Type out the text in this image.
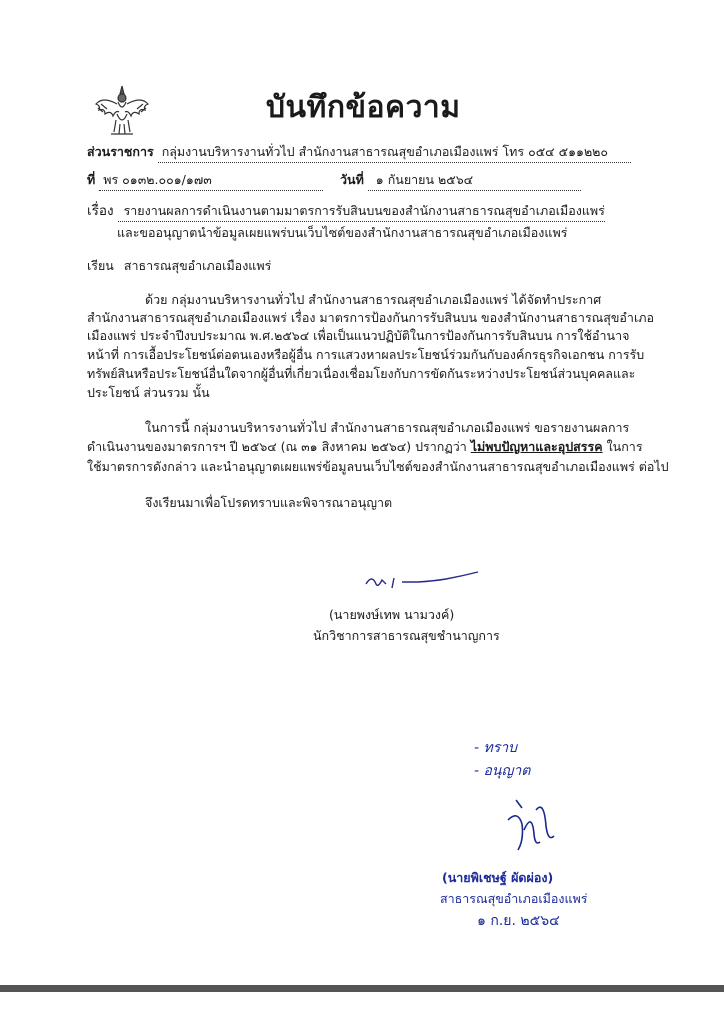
บันทึกข้อความ
ส่วนราชการ กลุ่มงานบริหารงานทั่วไป สำนักงานสาธารณสุขอำเภอเมืองแพร่ โทร ๐๕๔ ๕๑๑๒๒๐
ที่ พร ๐๑๓๒.๐๐๑/๑๗๓	วันที่ ๑ กันยายน ๒๕๖๔
เรื่อง รายงานผลการดำเนินงานตามมาตรการรับสินบนของสำนักงานสาธารณสุขอำเภอเมืองแพร่
และขออนุญาตนำข้อมูลเผยแพร่บนเว็บไซต์ของสำนักงานสาธารณสุขอำเภอเมืองแพร่
เรียน สาธารณสุขอำเภอเมืองแพร่
ด้วย กลุ่มงานบริหารงานทั่วไป สำนักงานสาธารณสุขอำเภอเมืองแพร่ ได้จัดทำประกาศ
สำนักงานสาธารณสุขอำเภอเมืองแพร่ เรื่อง มาตรการป้องกันการรับสินบน ของสำนักงานสาธารณสุขอำเภอ
เมืองแพร่ ประจำปีงบประมาณ พ.ศ.๒๕๖๔ เพื่อเป็นแนวปฏิบัติในการป้องกันการรับสินบน การใช้อำนาจ
หน้าที่ การเอื้อประโยชน์ต่อตนเองหรือผู้อื่น การแสวงหาผลประโยชน์ร่วมกันกับองค์กรธุรกิจเอกชน การรับ
ทรัพย์สินหรือประโยชน์อื่นใดจากผู้อื่นที่เกี่ยวเนื่องเชื่อมโยงกับการขัดกันระหว่างประโยชน์ส่วนบุคคลและ
ประโยชน์ ส่วนรวม นั้น
ในการนี้ กลุ่มงานบริหารงานทั่วไป สำนักงานสาธารณสุขอำเภอเมืองแพร่ ขอรายงานผลการ
ดำเนินงานของมาตรการฯ ปี ๒๕๖๔ (ณ ๓๑ สิงหาคม ๒๕๖๔) ปรากฏว่า ไม่พบปัญหาและอุปสรรค ในการ
ใช้มาตรการดังกล่าว และนำอนุญาตเผยแพร่ข้อมูลบนเว็บไซต์ของสำนักงานสาธารณสุขอำเภอเมืองแพร่ ต่อไป
จึงเรียนมาเพื่อโปรดทราบและพิจารณาอนุญาต
(นายพงษ์เทพ นามวงค์)
นักวิชาการสาธารณสุขชำนาญการ
- ทราบ
- อนุญาต
(นายพิเชษฐ์ ผัดผ่อง)
สาธารณสุขอำเภอเมืองแพร่
๑ ก.ย. ๒๕๖๔
